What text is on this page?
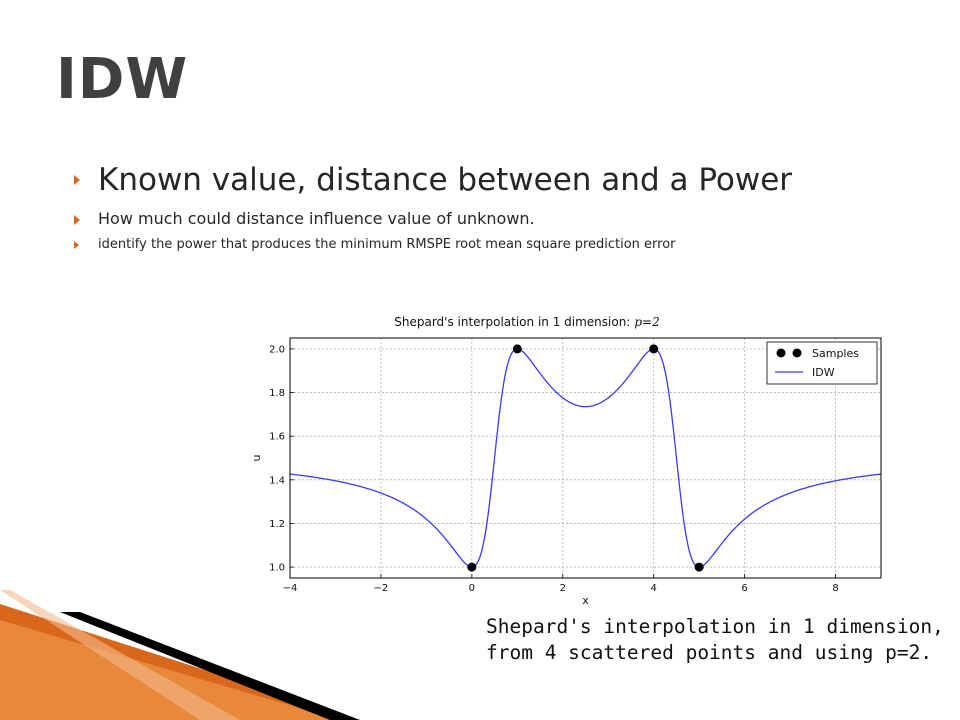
IDW
Known value, distance between and a Power
How much could distance influence value of unknown.
identify the power that produces the minimum RMSPE root mean square prediction error
Shepard's interpolation in 1 dimension: p=2
−4	−2	0	2	4	6	8
1.0
1.2
1.4
1.6
1.8
2.0
x
u
Samples
IDW
Shepard's interpolation in 1 dimension, from 4 scattered points and using p=2.
